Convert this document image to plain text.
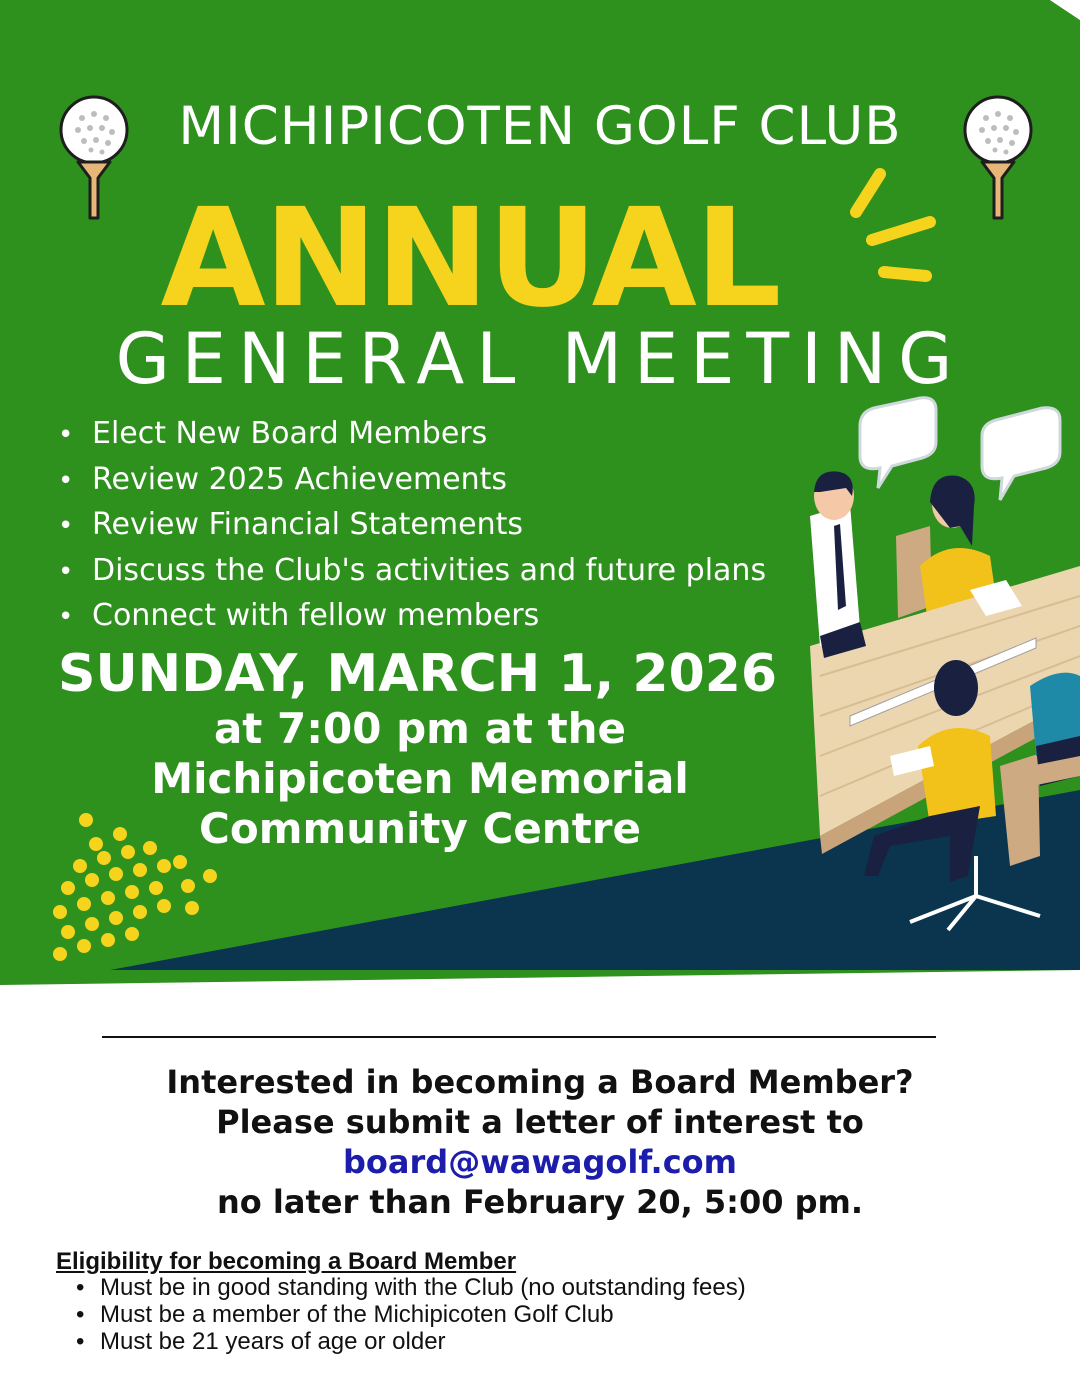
MICHIPICOTEN GOLF CLUB
ANNUAL
GENERAL MEETING
• Elect New Board Members
• Review 2025 Achievements
• Review Financial Statements
• Discuss the Club's activities and future plans
• Connect with fellow members
SUNDAY, MARCH 1, 2026
at 7:00 pm at the
Michipicoten Memorial
Community Centre
Interested in becoming a Board Member?
Please submit a letter of interest to
board@wawagolf.com
no later than February 20, 5:00 pm.
Eligibility for becoming a Board Member
• Must be in good standing with the Club (no outstanding fees)
• Must be a member of the Michipicoten Golf Club
• Must be 21 years of age or older
